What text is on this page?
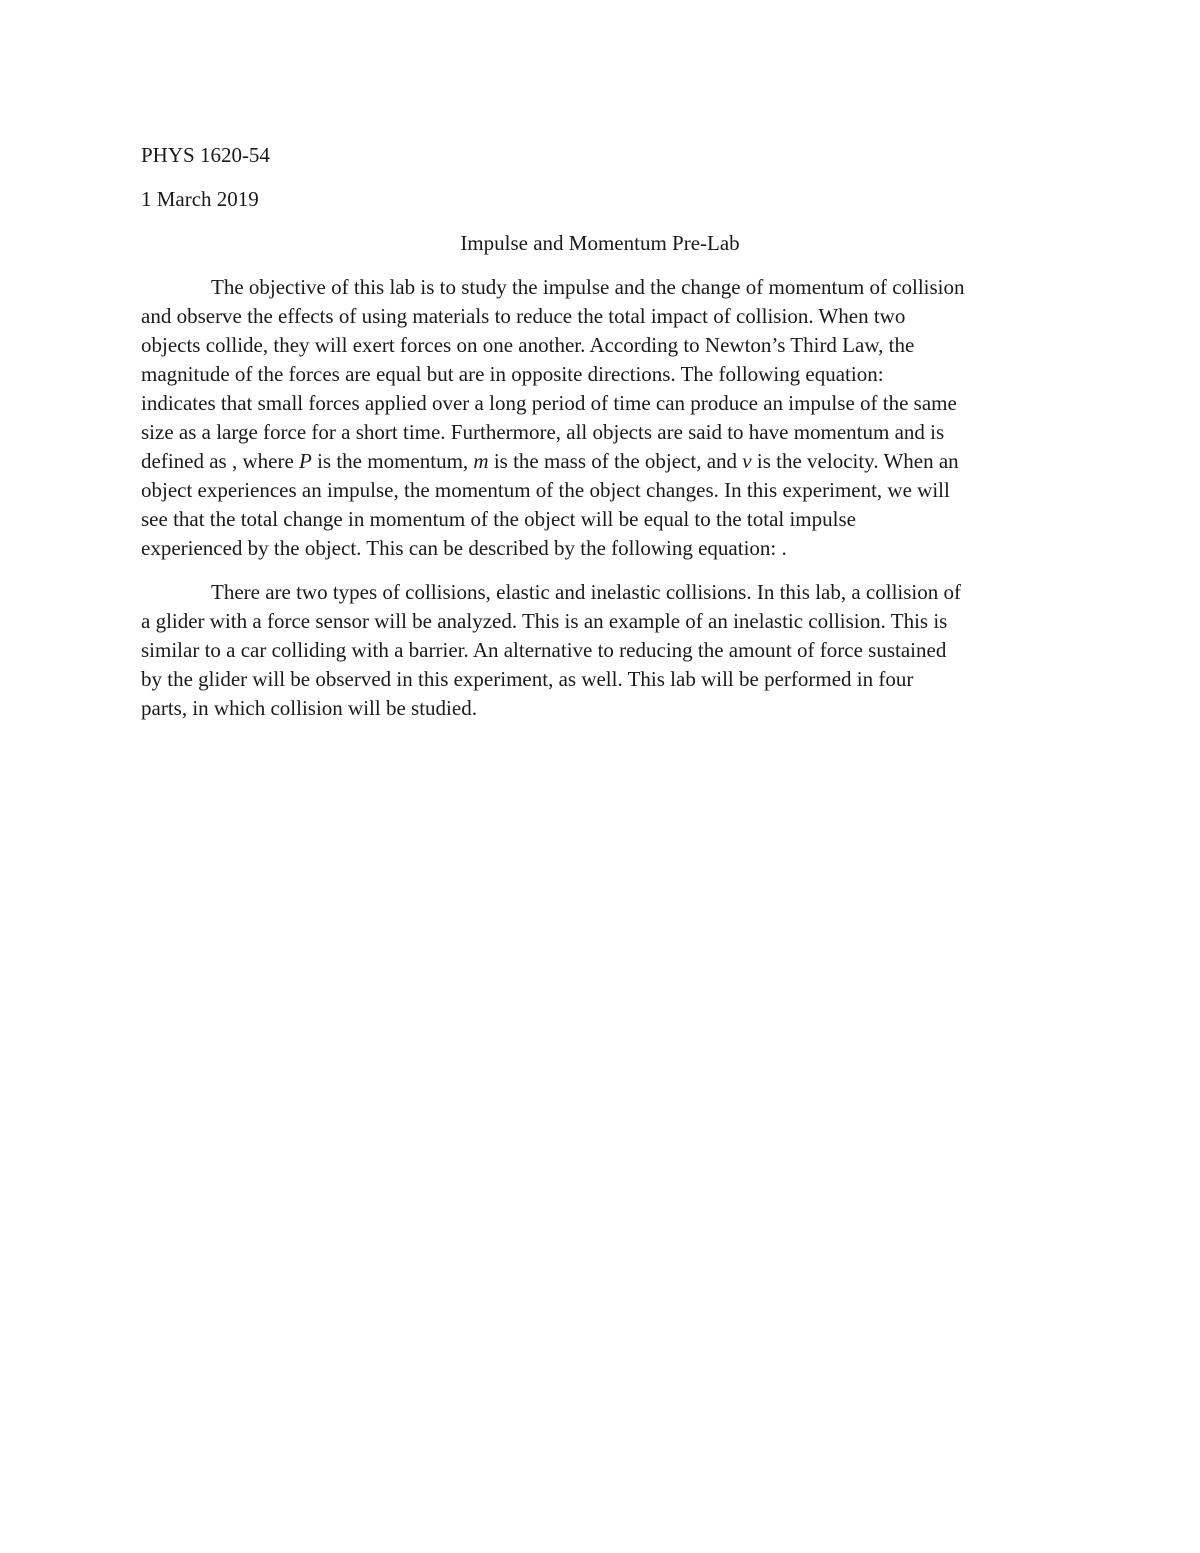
PHYS 1620-54
1 March 2019
Impulse and Momentum Pre-Lab
The objective of this lab is to study the impulse and the change of momentum of collision
and observe the effects of using materials to reduce the total impact of collision. When two
objects collide, they will exert forces on one another. According to Newton’s Third Law, the
magnitude of the forces are equal but are in opposite directions. The following equation:
indicates that small forces applied over a long period of time can produce an impulse of the same
size as a large force for a short time. Furthermore, all objects are said to have momentum and is
defined as , where P is the momentum, m is the mass of the object, and v is the velocity. When an
object experiences an impulse, the momentum of the object changes. In this experiment, we will
see that the total change in momentum of the object will be equal to the total impulse
experienced by the object. This can be described by the following equation: .
There are two types of collisions, elastic and inelastic collisions. In this lab, a collision of
a glider with a force sensor will be analyzed. This is an example of an inelastic collision. This is
similar to a car colliding with a barrier. An alternative to reducing the amount of force sustained
by the glider will be observed in this experiment, as well. This lab will be performed in four
parts, in which collision will be studied.
